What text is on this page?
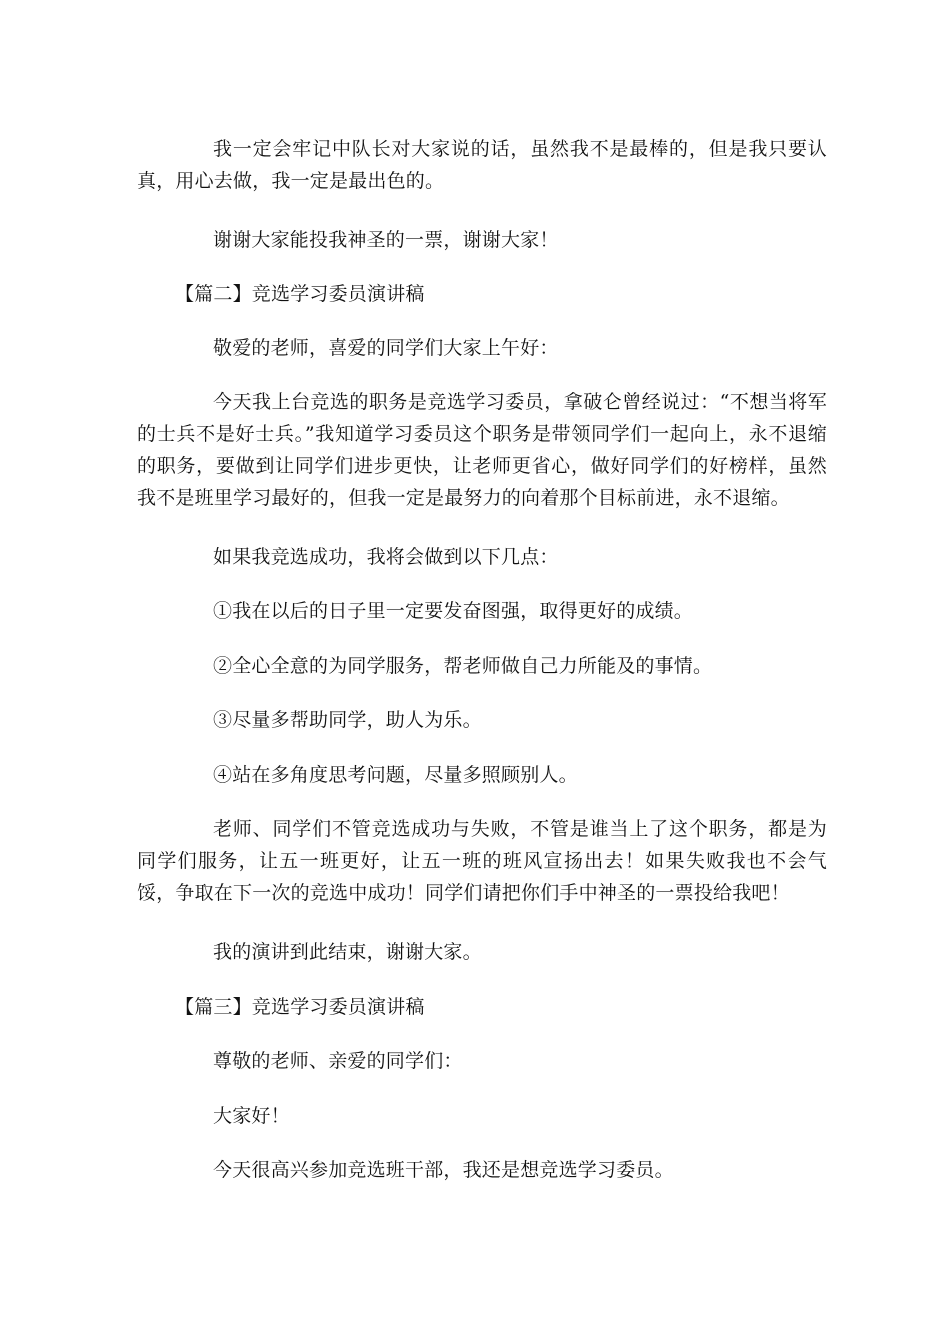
我一定会牢记中队长对大家说的话，虽然我不是最棒的，但是我只要认真，用心去做，我一定是最出色的。

谢谢大家能投我神圣的一票，谢谢大家！

【篇二】竞选学习委员演讲稿

敬爱的老师，喜爱的同学们大家上午好：

今天我上台竞选的职务是竞选学习委员，拿破仑曾经说过：“不想当将军的士兵不是好士兵。”我知道学习委员这个职务是带领同学们一起向上，永不退缩的职务，要做到让同学们进步更快，让老师更省心，做好同学们的好榜样，虽然我不是班里学习最好的，但我一定是最努力的向着那个目标前进，永不退缩。

如果我竞选成功，我将会做到以下几点：

①我在以后的日子里一定要发奋图强，取得更好的成绩。

②全心全意的为同学服务，帮老师做自己力所能及的事情。

③尽量多帮助同学，助人为乐。

④站在多角度思考问题，尽量多照顾别人。

老师、同学们不管竞选成功与失败，不管是谁当上了这个职务，都是为同学们服务，让五一班更好，让五一班的班风宣扬出去！如果失败我也不会气馁，争取在下一次的竞选中成功！同学们请把你们手中神圣的一票投给我吧！

我的演讲到此结束，谢谢大家。

【篇三】竞选学习委员演讲稿

尊敬的老师、亲爱的同学们：

大家好！

今天很高兴参加竞选班干部，我还是想竞选学习委员。
